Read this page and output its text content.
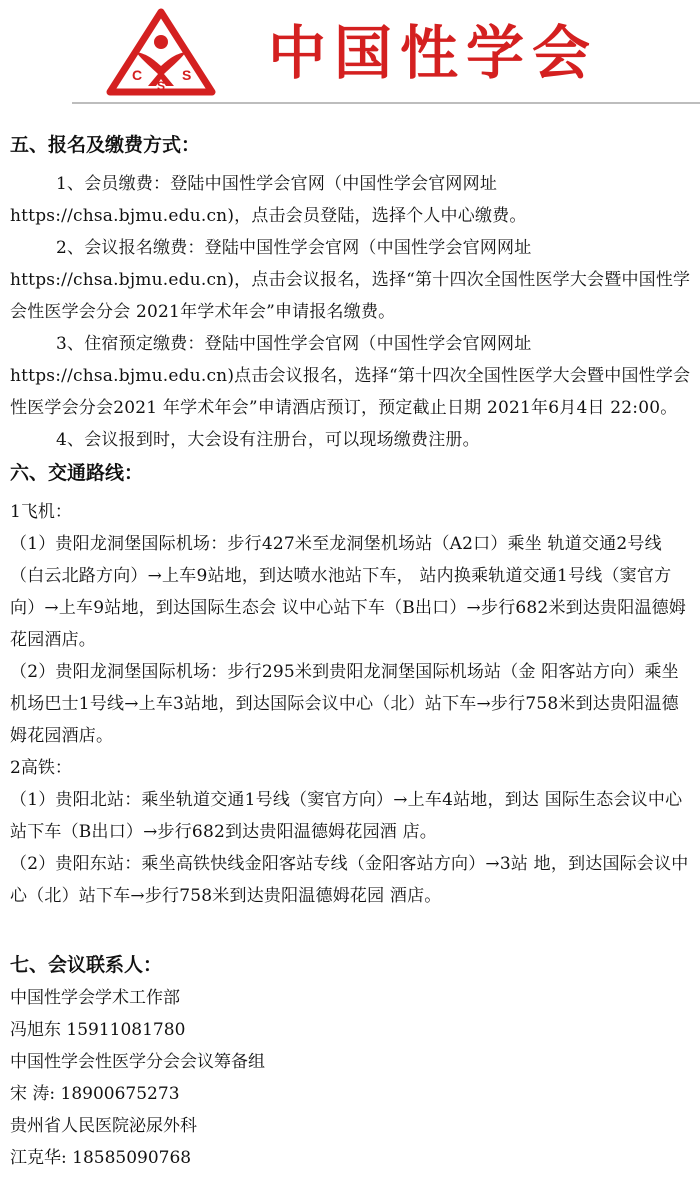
C
S
S 中国性学会

五、报名及缴费方式：

1、会员缴费：登陆中国性学会官网（中国性学会官网网址https://chsa.bjmu.edu.cn)，点击会员登陆，选择个人中心缴费。

2、会议报名缴费：登陆中国性学会官网（中国性学会官网网址https://chsa.bjmu.edu.cn)，点击会议报名，选择“第十四次全国性医学大会暨中国性学会性医学会分会 2021年学术年会”申请报名缴费。

3、住宿预定缴费：登陆中国性学会官网（中国性学会官网网址https://chsa.bjmu.edu.cn)点击会议报名，选择“第十四次全国性医学大会暨中国性学会性医学会分会2021 年学术年会”申请酒店预订，预定截止日期 2021年6月4日 22:00。

4、会议报到时，大会设有注册台，可以现场缴费注册。

六、交通路线：

1飞机：

（1）贵阳龙洞堡国际机场：步行427米至龙洞堡机场站（A2口）乘坐 轨道交通2号线（白云北路方向）→上车9站地，到达喷水池站下车， 站内换乘轨道交通1号线（窦官方向）→上车9站地，到达国际生态会 议中心站下车（B出口）→步行682米到达贵阳温德姆花园酒店。

（2）贵阳龙洞堡国际机场：步行295米到贵阳龙洞堡国际机场站（金 阳客站方向）乘坐机场巴士1号线→上车3站地，到达国际会议中心（北）站下车→步行758米到达贵阳温德姆花园酒店。

2高铁：

（1）贵阳北站：乘坐轨道交通1号线（窦官方向）→上车4站地，到达 国际生态会议中心站下车（B出口）→步行682到达贵阳温德姆花园酒 店。

（2）贵阳东站：乘坐高铁快线金阳客站专线（金阳客站方向）→3站 地，到达国际会议中心（北）站下车→步行758米到达贵阳温德姆花园 酒店。

七、会议联系人：

中国性学会学术工作部

冯旭东 15911081780

中国性学会性医学分会会议筹备组

宋 涛: 18900675273

贵州省人民医院泌尿外科

江克华: 18585090768
